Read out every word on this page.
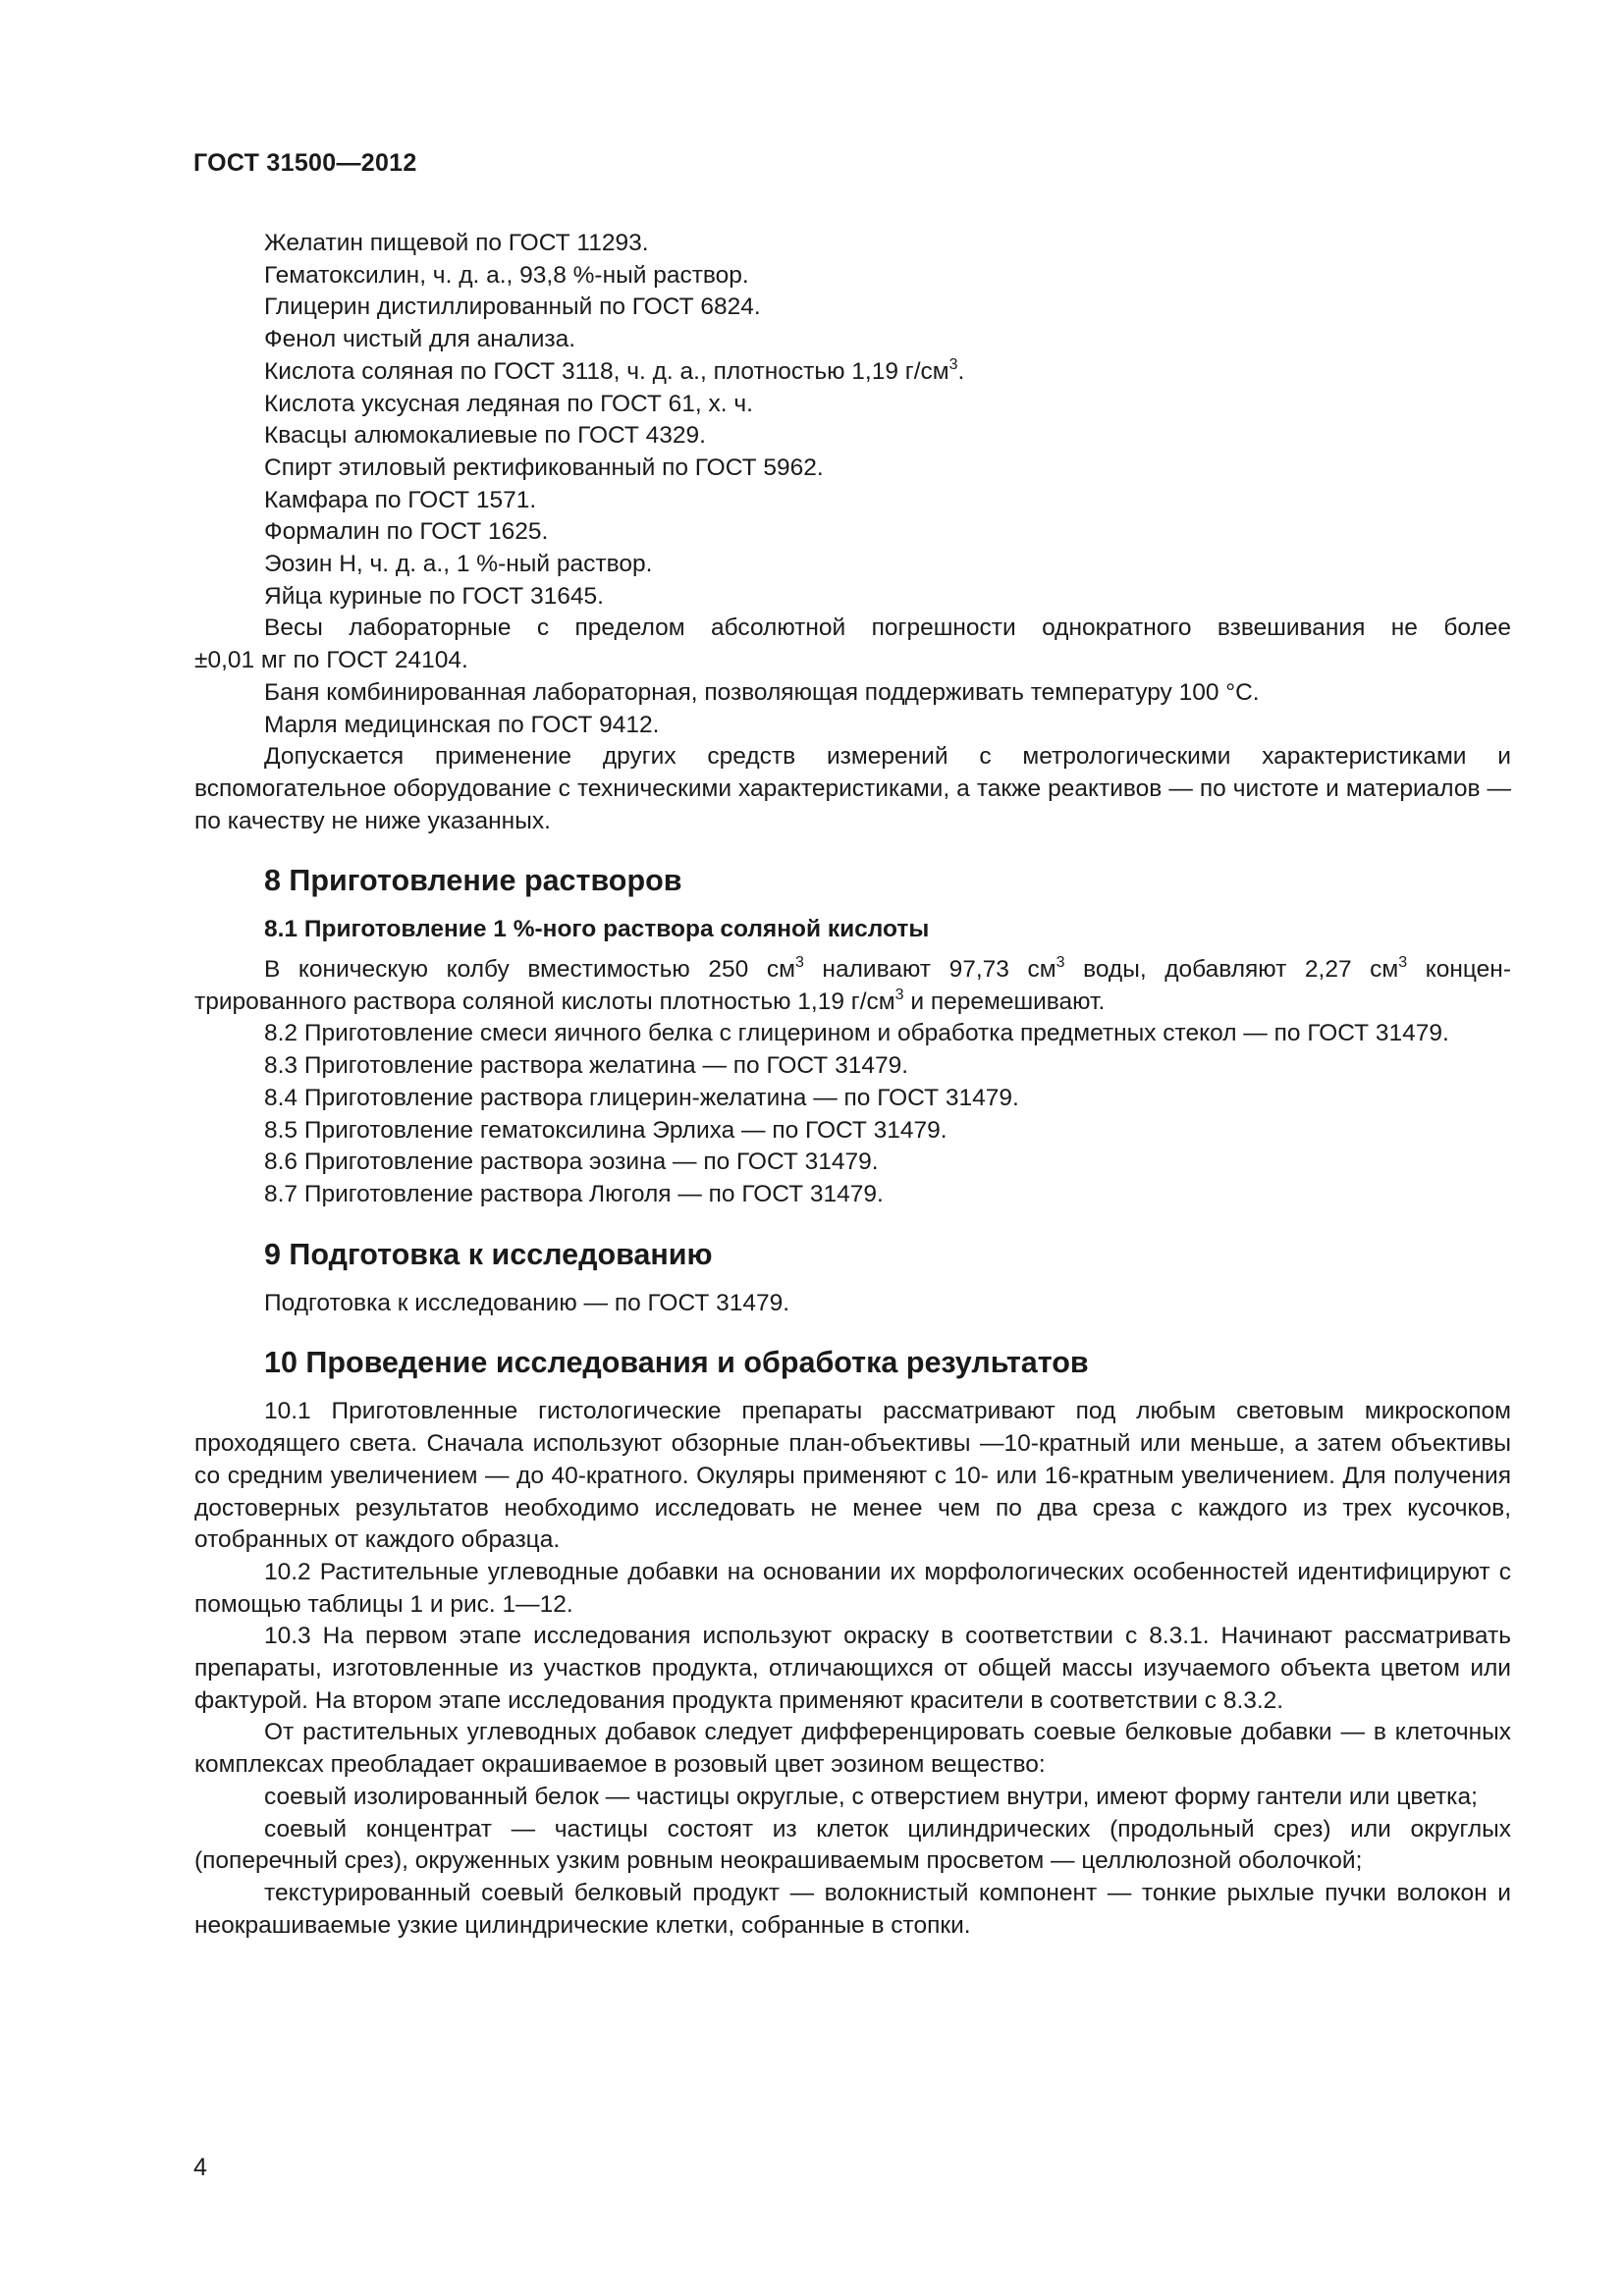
ГОСТ 31500—2012

Желатин пищевой по ГОСТ 11293.

Гематоксилин, ч. д. а., 93,8 %-ный раствор.

Глицерин дистиллированный по ГОСТ 6824.

Фенол чистый для анализа.

Кислота соляная по ГОСТ 3118, ч. д. а., плотностью 1,19 $г/см^3$.

Кислота уксусная ледяная по ГОСТ 61, х. ч.

Квасцы алюмокалиевые по ГОСТ 4329.

Спирт этиловый ректификованный по ГОСТ 5962.

Камфара по ГОСТ 1571.

Формалин по ГОСТ 1625.

Эозин Н, ч. д. а., 1 %-ный раствор.

Яйца куриные по ГОСТ 31645.

Весы лабораторные с пределом абсолютной погрешности однократного взвешивания не более

±0,01 мг по ГОСТ 24104.

Баня комбинированная лабораторная, позволяющая поддерживать температуру 100 °С.

Марля медицинская по ГОСТ 9412.

Допускается применение других средств измерений с метрологическими характеристиками и вспомогательное оборудование с техническими характеристиками, а также реактивов — по чистоте и материалов — по качеству не ниже указанных.

8 Приготовление растворов
8.1 Приготовление 1 %-ного раствора соляной кислоты

В коническую колбу вместимостью 250 $см^3$ наливают 97,73 $см^3$ воды, добавляют 2,27 $см^3$ концен-

трированного раствора соляной кислоты плотностью 1,19 $г/см^3$ и перемешивают.

8.2 Приготовление смеси яичного белка с глицерином и обработка предметных стекол — по ГОСТ 31479.

8.3 Приготовление раствора желатина — по ГОСТ 31479.

8.4 Приготовление раствора глицерин-желатина — по ГОСТ 31479.

8.5 Приготовление гематоксилина Эрлиха — по ГОСТ 31479.

8.6 Приготовление раствора эозина — по ГОСТ 31479.

8.7 Приготовление раствора Люголя — по ГОСТ 31479.

9 Подготовка к исследованию

Подготовка к исследованию — по ГОСТ 31479.

10 Проведение исследования и обработка результатов

10.1 Приготовленные гистологические препараты рассматривают под любым световым микроскопом проходящего света. Сначала используют обзорные план-объективы —10-кратный или меньше, а затем объективы со средним увеличением — до 40-кратного. Окуляры применяют с 10- или 16-кратным увеличением. Для получения достоверных результатов необходимо исследовать не менее чем по два среза с каждого из трех кусочков, отобранных от каждого образца.

10.2 Растительные углеводные добавки на основании их морфологических особенностей идентифицируют с помощью таблицы 1 и рис. 1—12.

10.3 На первом этапе исследования используют окраску в соответствии с 8.3.1. Начинают рассматривать препараты, изготовленные из участков продукта, отличающихся от общей массы изучаемого объекта цветом или фактурой. На втором этапе исследования продукта применяют красители в соответствии с 8.3.2.

От растительных углеводных добавок следует дифференцировать соевые белковые добавки — в клеточных комплексах преобладает окрашиваемое в розовый цвет эозином вещество:

соевый изолированный белок — частицы округлые, с отверстием внутри, имеют форму гантели или цветка;

соевый концентрат — частицы состоят из клеток цилиндрических (продольный срез) или округлых (поперечный срез), окруженных узким ровным неокрашиваемым просветом — целлюлозной оболочкой;

текстурированный соевый белковый продукт — волокнистый компонент — тонкие рыхлые пучки волокон и неокрашиваемые узкие цилиндрические клетки, собранные в стопки.

4
